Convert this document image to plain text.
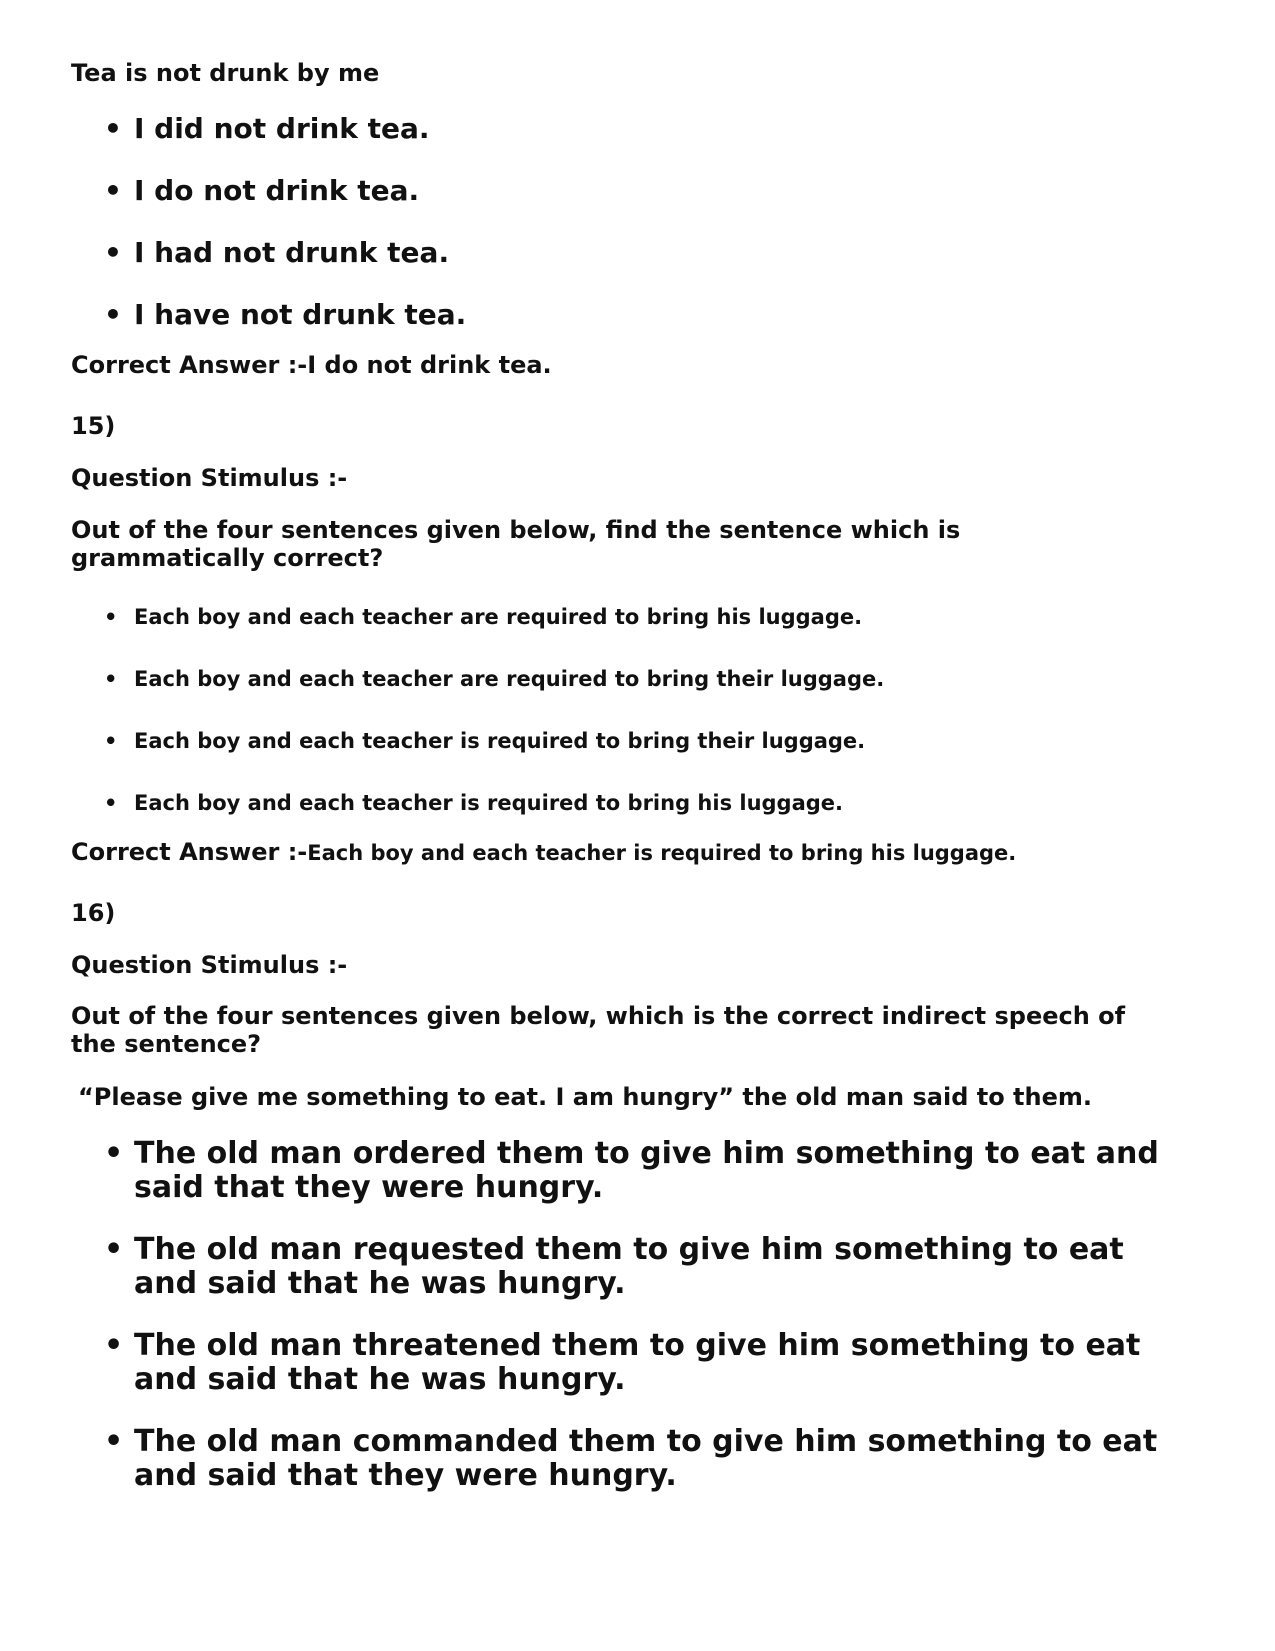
Tea is not drunk by me

• I did not drink tea.
• I do not drink tea.
• I had not drunk tea.
• I have not drunk tea.

Correct Answer :-I do not drink tea.

15)

Question Stimulus :-

Out of the four sentences given below, find the sentence which is grammatically correct?

• Each boy and each teacher are required to bring his luggage.
• Each boy and each teacher are required to bring their luggage.
• Each boy and each teacher is required to bring their luggage.
• Each boy and each teacher is required to bring his luggage.

Correct Answer :-Each boy and each teacher is required to bring his luggage.

16)

Question Stimulus :-

Out of the four sentences given below, which is the correct indirect speech of the sentence?

“Please give me something to eat. I am hungry” the old man said to them.

• The old man ordered them to give him something to eat and said that they were hungry.
• The old man requested them to give him something to eat and said that he was hungry.
• The old man threatened them to give him something to eat and said that he was hungry.
• The old man commanded them to give him something to eat and said that they were hungry.
